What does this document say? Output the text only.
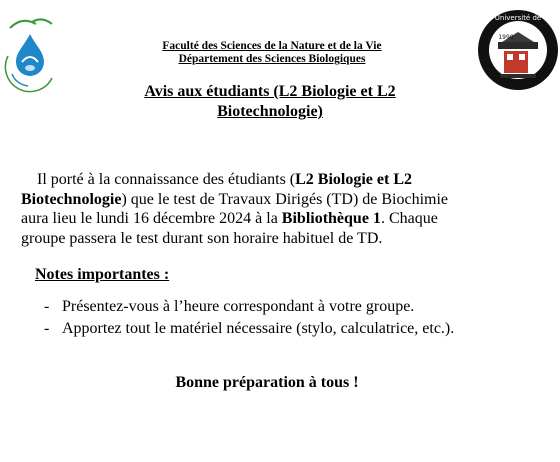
Université de
1990
Faculté des Sciences de la Nature et de la Vie
Département des Sciences Biologiques
Avis aux étudiants (L2 Biologie et L2
Biotechnologie)
Il porté à la connaissance des étudiants (L2 Biologie et L2
Biotechnologie) que le test de Travaux Dirigés (TD) de Biochimie
aura lieu le lundi 16 décembre 2024 à la Bibliothèque 1. Chaque
groupe passera le test durant son horaire habituel de TD.
Notes importantes :
- Présentez-vous à l’heure correspondant à votre groupe.
- Apportez tout le matériel nécessaire (stylo, calculatrice, etc.).
Bonne préparation à tous !
